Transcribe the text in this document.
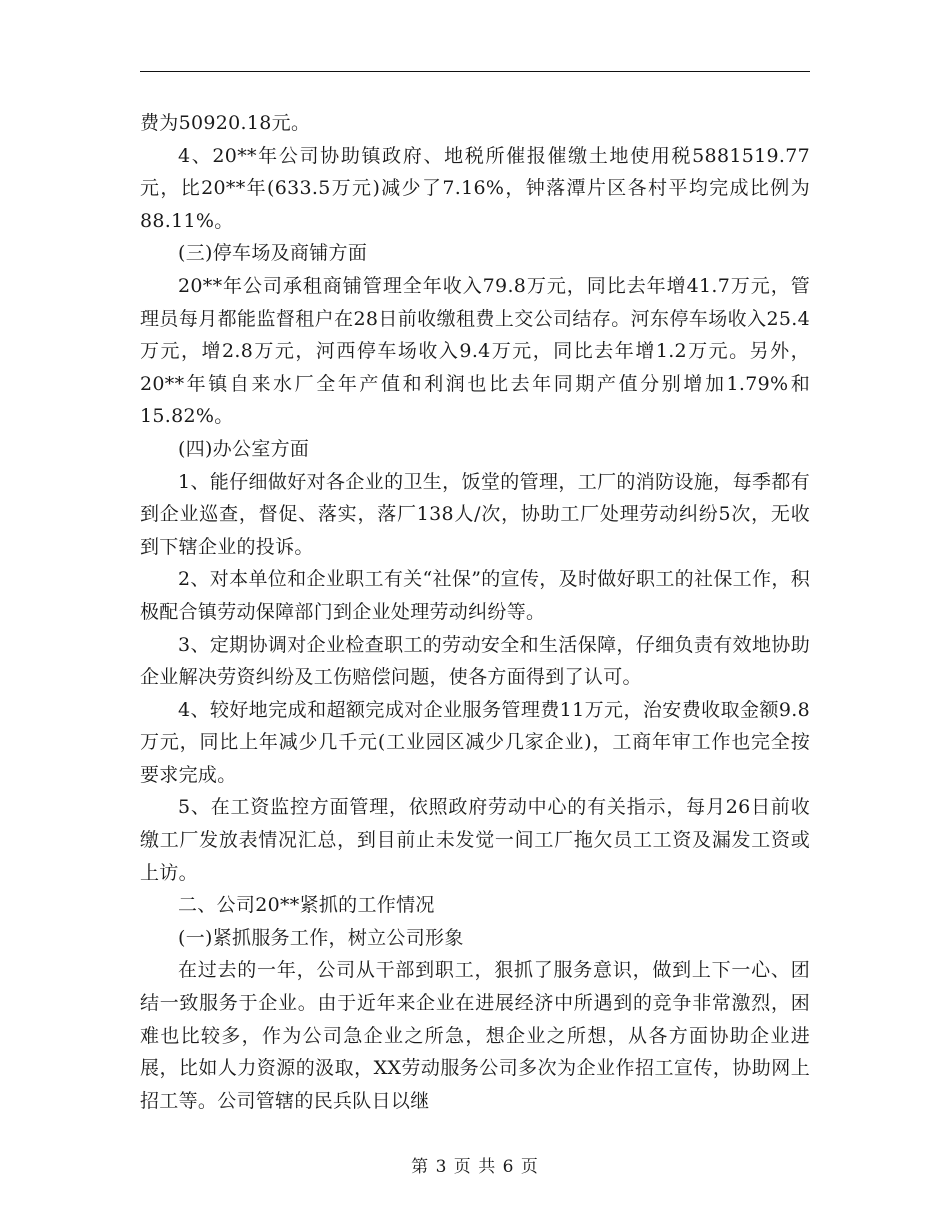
费为50920.18元。

4、20**年公司协助镇政府、地税所催报催缴土地使用税5881519.77元，比20**年(633.5万元)减少了7.16%，钟落潭片区各村平均完成比例为88.11%。

(三)停车场及商铺方面

20**年公司承租商铺管理全年收入79.8万元，同比去年增41.7万元，管理员每月都能监督租户在28日前收缴租费上交公司结存。河东停车场收入25.4万元，增2.8万元，河西停车场收入9.4万元，同比去年增1.2万元。另外，20**年镇自来水厂全年产值和利润也比去年同期产值分别增加1.79%和15.82%。

(四)办公室方面

1、能仔细做好对各企业的卫生，饭堂的管理，工厂的消防设施，每季都有到企业巡查，督促、落实，落厂138人/次，协助工厂处理劳动纠纷5次，无收到下辖企业的投诉。

2、对本单位和企业职工有关“社保”的宣传，及时做好职工的社保工作，积极配合镇劳动保障部门到企业处理劳动纠纷等。

3、定期协调对企业检查职工的劳动安全和生活保障，仔细负责有效地协助企业解决劳资纠纷及工伤赔偿问题，使各方面得到了认可。

4、较好地完成和超额完成对企业服务管理费11万元，治安费收取金额9.8万元，同比上年减少几千元(工业园区减少几家企业)，工商年审工作也完全按要求完成。

5、在工资监控方面管理，依照政府劳动中心的有关指示，每月26日前收缴工厂发放表情况汇总，到目前止未发觉一间工厂拖欠员工工资及漏发工资或上访。

二、公司20**紧抓的工作情况

(一)紧抓服务工作，树立公司形象

在过去的一年，公司从干部到职工，狠抓了服务意识，做到上下一心、团结一致服务于企业。由于近年来企业在进展经济中所遇到的竞争非常激烈，困难也比较多，作为公司急企业之所急，想企业之所想，从各方面协助企业进展，比如人力资源的汲取，XX劳动服务公司多次为企业作招工宣传，协助网上招工等。公司管辖的民兵队日以继

第 3 页 共 6 页
